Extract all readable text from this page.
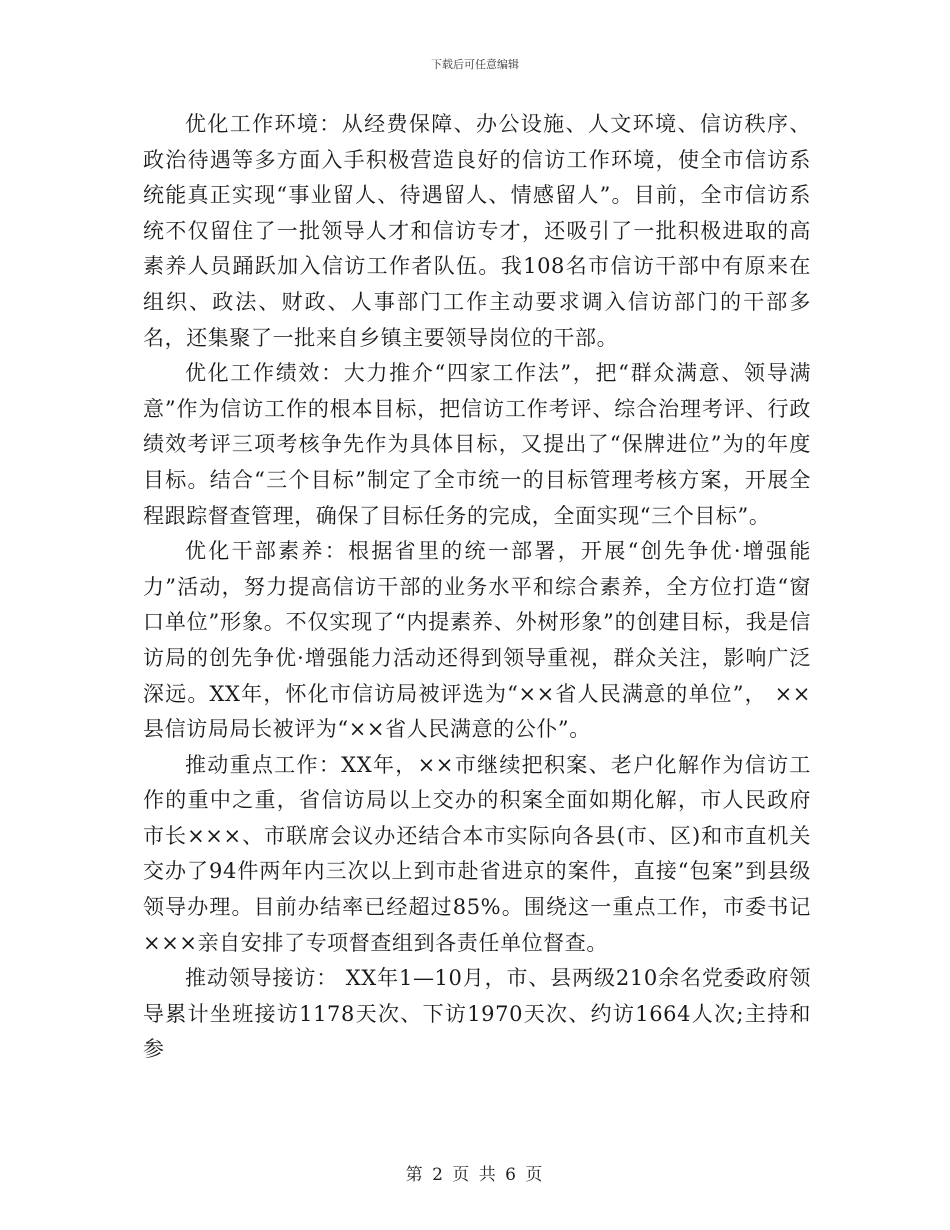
下载后可任意编辑

优化工作环境：从经费保障、办公设施、人文环境、信访秩序、政治待遇等多方面入手积极营造良好的信访工作环境，使全市信访系统能真正实现“事业留人、待遇留人、情感留人”。目前，全市信访系统不仅留住了一批领导人才和信访专才，还吸引了一批积极进取的高素养人员踊跃加入信访工作者队伍。我108名市信访干部中有原来在组织、政法、财政、人事部门工作主动要求调入信访部门的干部多名，还集聚了一批来自乡镇主要领导岗位的干部。

优化工作绩效：大力推介“四家工作法”，把“群众满意、领导满意”作为信访工作的根本目标，把信访工作考评、综合治理考评、行政绩效考评三项考核争先作为具体目标，又提出了“保牌进位”为的年度目标。结合“三个目标”制定了全市统一的目标管理考核方案，开展全程跟踪督查管理，确保了目标任务的完成，全面实现“三个目标”。

优化干部素养：根据省里的统一部署，开展“创先争优·增强能力”活动，努力提高信访干部的业务水平和综合素养，全方位打造“窗口单位”形象。不仅实现了“内提素养、外树形象”的创建目标，我是信访局的创先争优·增强能力活动还得到领导重视，群众关注，影响广泛深远。XX年，怀化市信访局被评选为“××省人民满意的单位”， ××县信访局局长被评为“××省人民满意的公仆”。

推动重点工作：XX年，××市继续把积案、老户化解作为信访工作的重中之重，省信访局以上交办的积案全面如期化解，市人民政府市长×××、市联席会议办还结合本市实际向各县(市、区)和市直机关交办了94件两年内三次以上到市赴省进京的案件，直接“包案”到县级领导办理。目前办结率已经超过85%。围绕这一重点工作，市委书记×××亲自安排了专项督查组到各责任单位督查。

推动领导接访： XX年1—10月，市、县两级210余名党委政府领导累计坐班接访1178天次、下访1970天次、约访1664人次;主持和参

第 2 页 共 6 页
